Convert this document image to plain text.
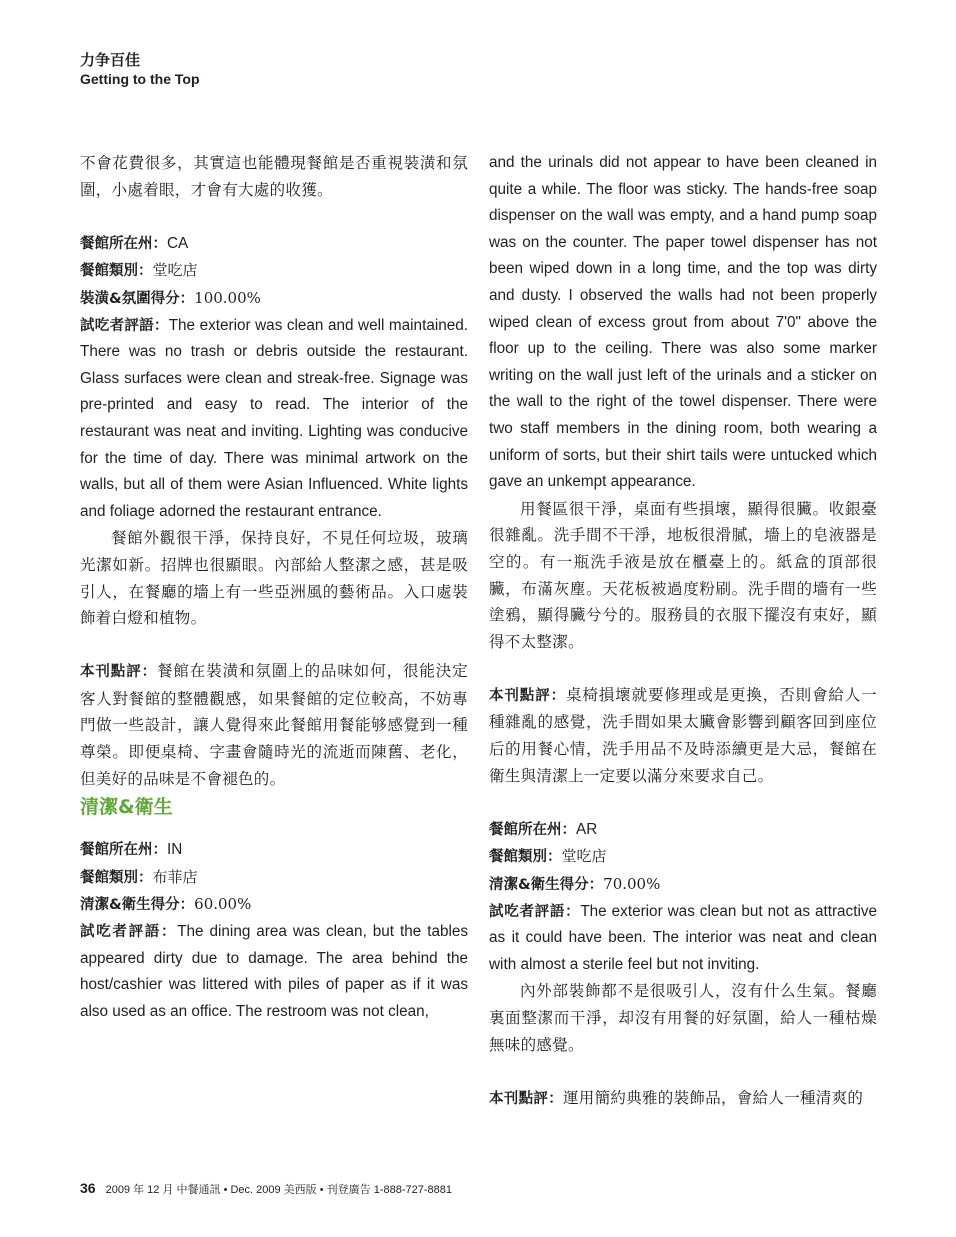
力争百佳
Getting to the Top

不會花費很多，其實這也能體現餐館是否重視裝潢和氛圍，小處着眼，才會有大處的收獲。

餐館所在州：CA

餐館類別：堂吃店

裝潢&氛圍得分：100.00%

試吃者評語：The exterior was clean and well maintained. There was no trash or debris outside the restaurant. Glass surfaces were clean and streak-free. Signage was pre-printed and easy to read. The interior of the restaurant was neat and inviting. Lighting was conducive for the time of day. There was minimal artwork on the walls, but all of them were Asian Influenced. White lights and foliage adorned the restaurant entrance.

餐館外觀很干淨，保持良好，不見任何垃圾，玻璃光潔如新。招牌也很顯眼。內部給人整潔之感，甚是吸引人，在餐廳的墻上有一些亞洲風的藝術品。入口處裝飾着白燈和植物。

本刊點評：餐館在裝潢和氛圍上的品味如何，很能決定客人對餐館的整體觀感，如果餐館的定位較高，不妨專門做一些設計，讓人覺得來此餐館用餐能够感覺到一種尊榮。即便桌椅、字畫會隨時光的流逝而陳舊、老化，但美好的品味是不會褪色的。

清潔&衛生

餐館所在州：IN

餐館類別：布菲店

清潔&衛生得分：60.00%

試吃者評語：The dining area was clean, but the tables appeared dirty due to damage. The area behind the host/cashier was littered with piles of paper as if it was also used as an office. The restroom was not clean,

and the urinals did not appear to have been cleaned in quite a while. The floor was sticky. The hands-free soap dispenser on the wall was empty, and a hand pump soap was on the counter. The paper towel dispenser has not been wiped down in a long time, and the top was dirty and dusty. I observed the walls had not been properly wiped clean of excess grout from about 7'0" above the floor up to the ceiling. There was also some marker writing on the wall just left of the urinals and a sticker on the wall to the right of the towel dispenser. There were two staff members in the dining room, both wearing a uniform of sorts, but their shirt tails were untucked which gave an unkempt appearance.

用餐區很干淨，桌面有些損壞，顯得很臟。收銀臺很雜亂。洗手間不干淨，地板很滑膩，墻上的皂液器是空的。有一瓶洗手液是放在櫃臺上的。紙盒的頂部很臟，布滿灰塵。天花板被過度粉刷。洗手間的墻有一些塗鴉，顯得臟兮兮的。服務員的衣服下擺沒有束好，顯得不太整潔。

本刊點評：桌椅損壞就要修理或是更換，否則會給人一種雜亂的感覺，洗手間如果太臟會影響到顧客回到座位后的用餐心情，洗手用品不及時添續更是大忌，餐館在衛生與清潔上一定要以滿分來要求自己。

餐館所在州：AR

餐館類別：堂吃店

清潔&衛生得分：70.00%

試吃者評語：The exterior was clean but not as attractive as it could have been. The interior was neat and clean with almost a sterile feel but not inviting.

內外部裝飾都不是很吸引人，沒有什么生氣。餐廳裏面整潔而干淨，却沒有用餐的好氛圍，給人一種枯燥無味的感覺。

本刊點評：運用簡約典雅的裝飾品，會給人一種清爽的

36 2009 年 12 月 中餐通訊 • Dec. 2009 美西版 • 刊登廣告 1-888-727-8881
